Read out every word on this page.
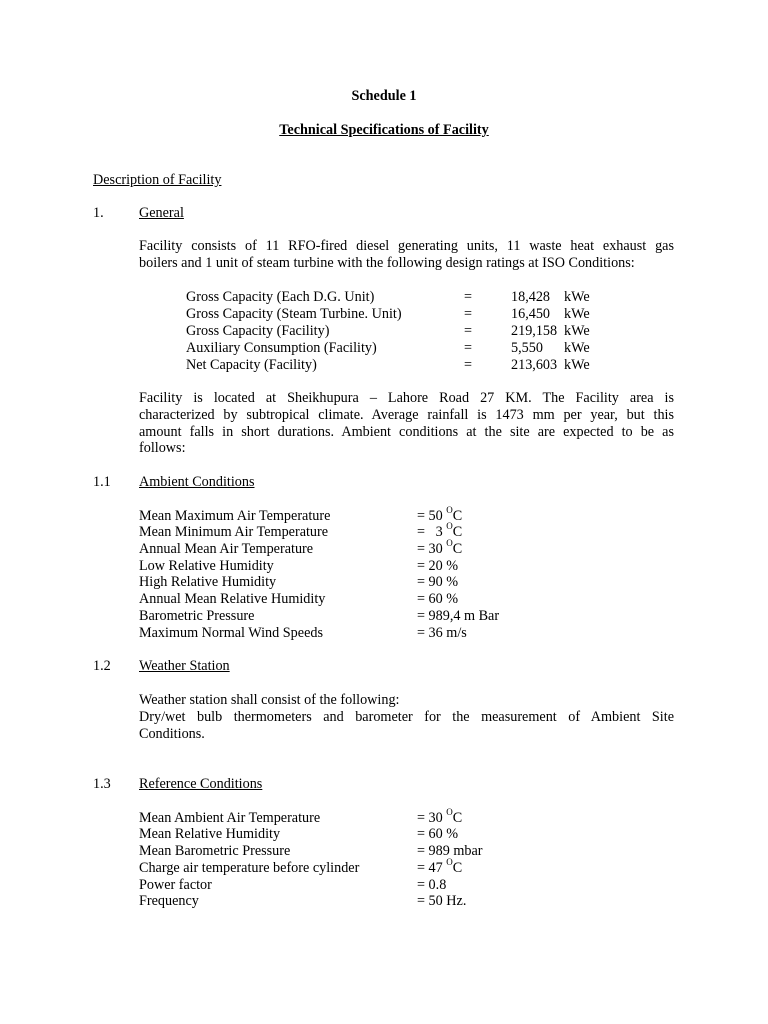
Schedule 1
Technical Specifications of Facility
Description of Facility
1. General
Facility consists of 11 RFO-fired diesel generating units, 11 waste heat exhaust gas
boilers and 1 unit of steam turbine with the following design ratings at ISO Conditions:
Gross Capacity (Each D.G. Unit)	=	18,428 kWe
Gross Capacity (Steam Turbine. Unit)	=	16,450 kWe
Gross Capacity (Facility)	=	219,158 kWe
Auxiliary Consumption (Facility)	=	5,550 kWe
Net Capacity (Facility)	=	213,603 kWe
Facility is located at Sheikhupura – Lahore Road 27 KM. The Facility area is
characterized by subtropical climate. Average rainfall is 1473 mm per year, but this
amount falls in short durations. Ambient conditions at the site are expected to be as
follows:
1.1 Ambient Conditions
Mean Maximum Air Temperature	= 50 $^O$C
Mean Minimum Air Temperature	=   3 $^O$C
Annual Mean Air Temperature	= 30 $^O$C
Low Relative Humidity	= 20 %
High Relative Humidity	= 90 %
Annual Mean Relative Humidity	= 60 %
Barometric Pressure	= 989,4 m Bar
Maximum Normal Wind Speeds	= 36 m/s
1.2 Weather Station
Weather station shall consist of the following:
Dry/wet bulb thermometers and barometer for the measurement of Ambient Site
Conditions.
1.3 Reference Conditions
Mean Ambient Air Temperature	= 30 $^O$C
Mean Relative Humidity	= 60 %
Mean Barometric Pressure	= 989 mbar
Charge air temperature before cylinder	= 47 $^O$C
Power factor	= 0.8
Frequency	= 50 Hz.
